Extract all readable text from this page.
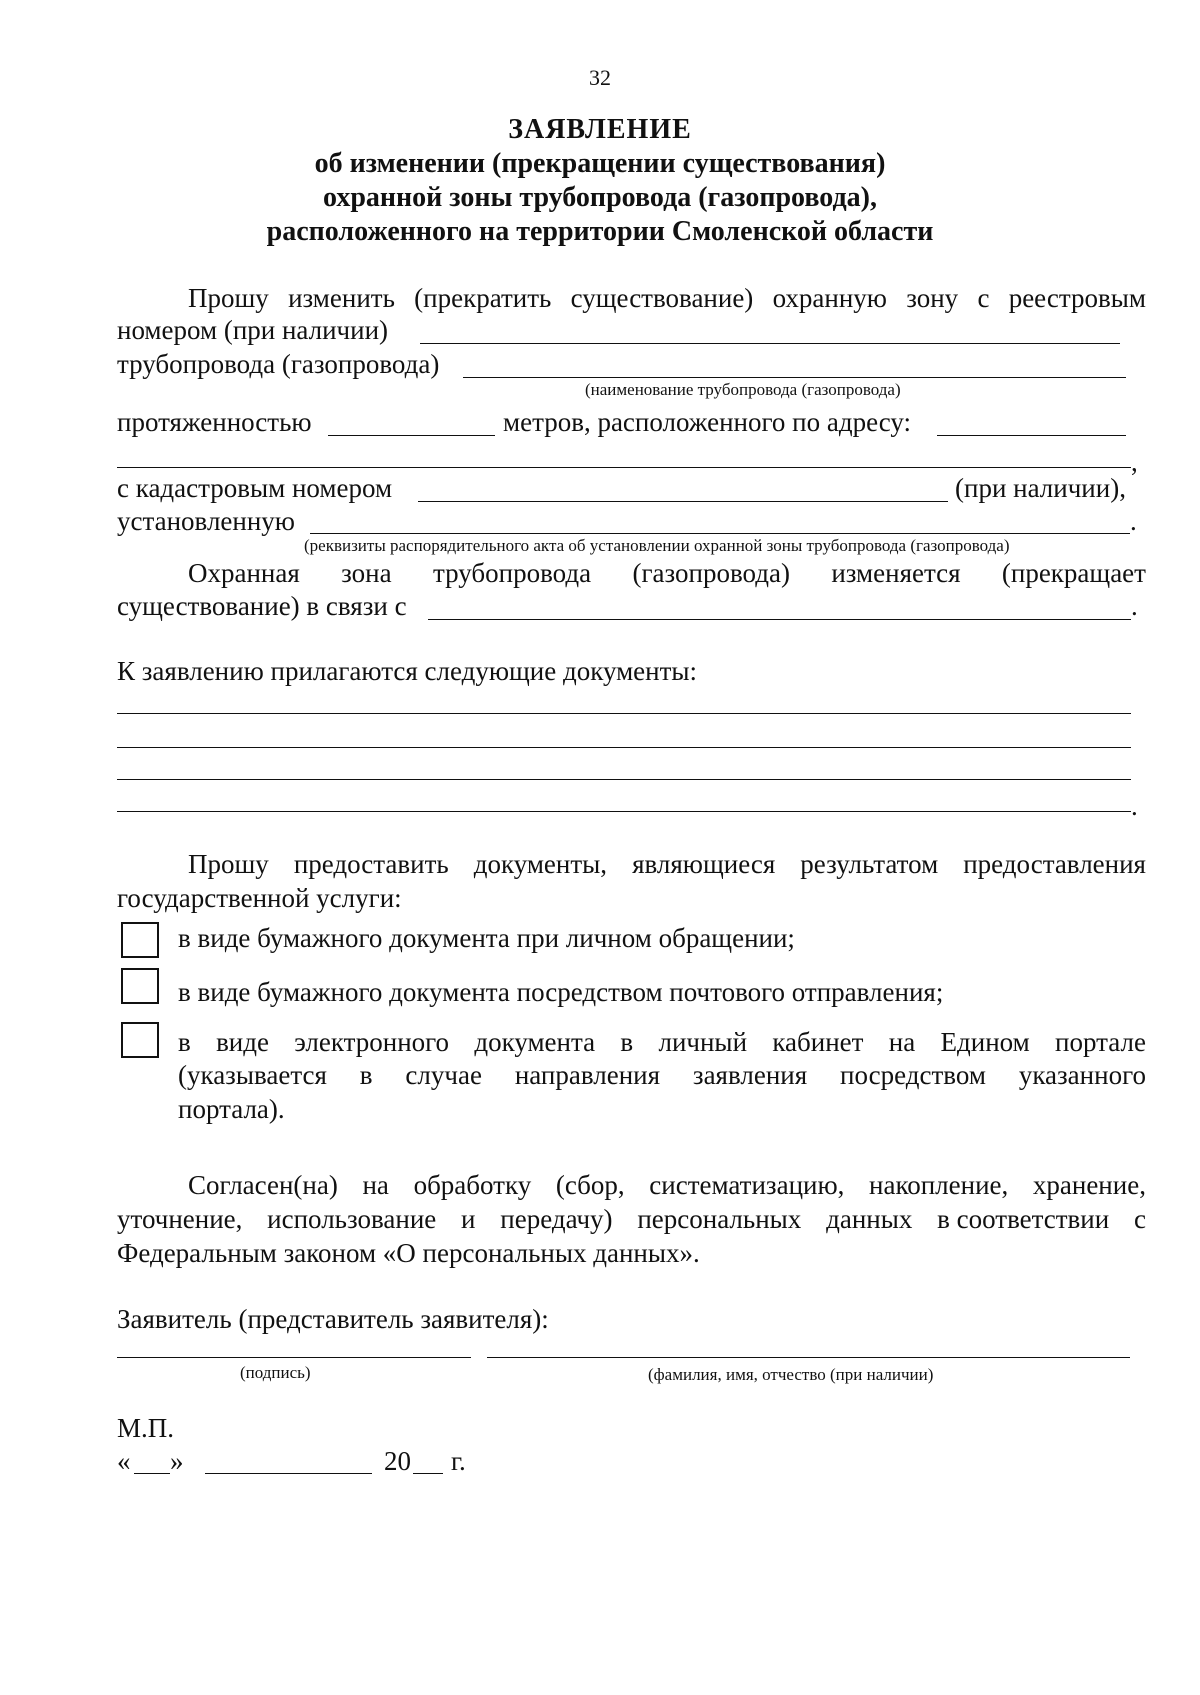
32
ЗАЯВЛЕНИЕ
об изменении (прекращении существования)
охранной зоны трубопровода (газопровода),
расположенного на территории Смоленской области
Прошу изменить (прекратить существование) охранную зону с реестровым
номером (при наличии)
трубопровода (газопровода)
(наименование трубопровода (газопровода)
протяженностью	метров, расположенного по адресу:
,
с кадастровым номером	(при наличии),
установленную	.
(реквизиты распорядительного акта об установлении охранной зоны трубопровода (газопровода)
Охранная зона трубопровода (газопровода) изменяется (прекращает
существование) в связи с	.
К заявлению прилагаются следующие документы:
.
Прошу предоставить документы, являющиеся результатом предоставления
государственной услуги:
в виде бумажного документа при личном обращении;
в виде бумажного документа посредством почтового отправления;
в виде электронного документа в личный кабинет на Едином портале
(указывается в случае направления заявления посредством указанного
портала).
Согласен(на) на обработку (сбор, систематизацию, накопление, хранение,
уточнение, использование и передачу) персональных данных в соответствии с
Федеральным законом «О персональных данных».
Заявитель (представитель заявителя):
(подпись)	(фамилия, имя, отчество (при наличии)
М.П.
« »	20 г.
